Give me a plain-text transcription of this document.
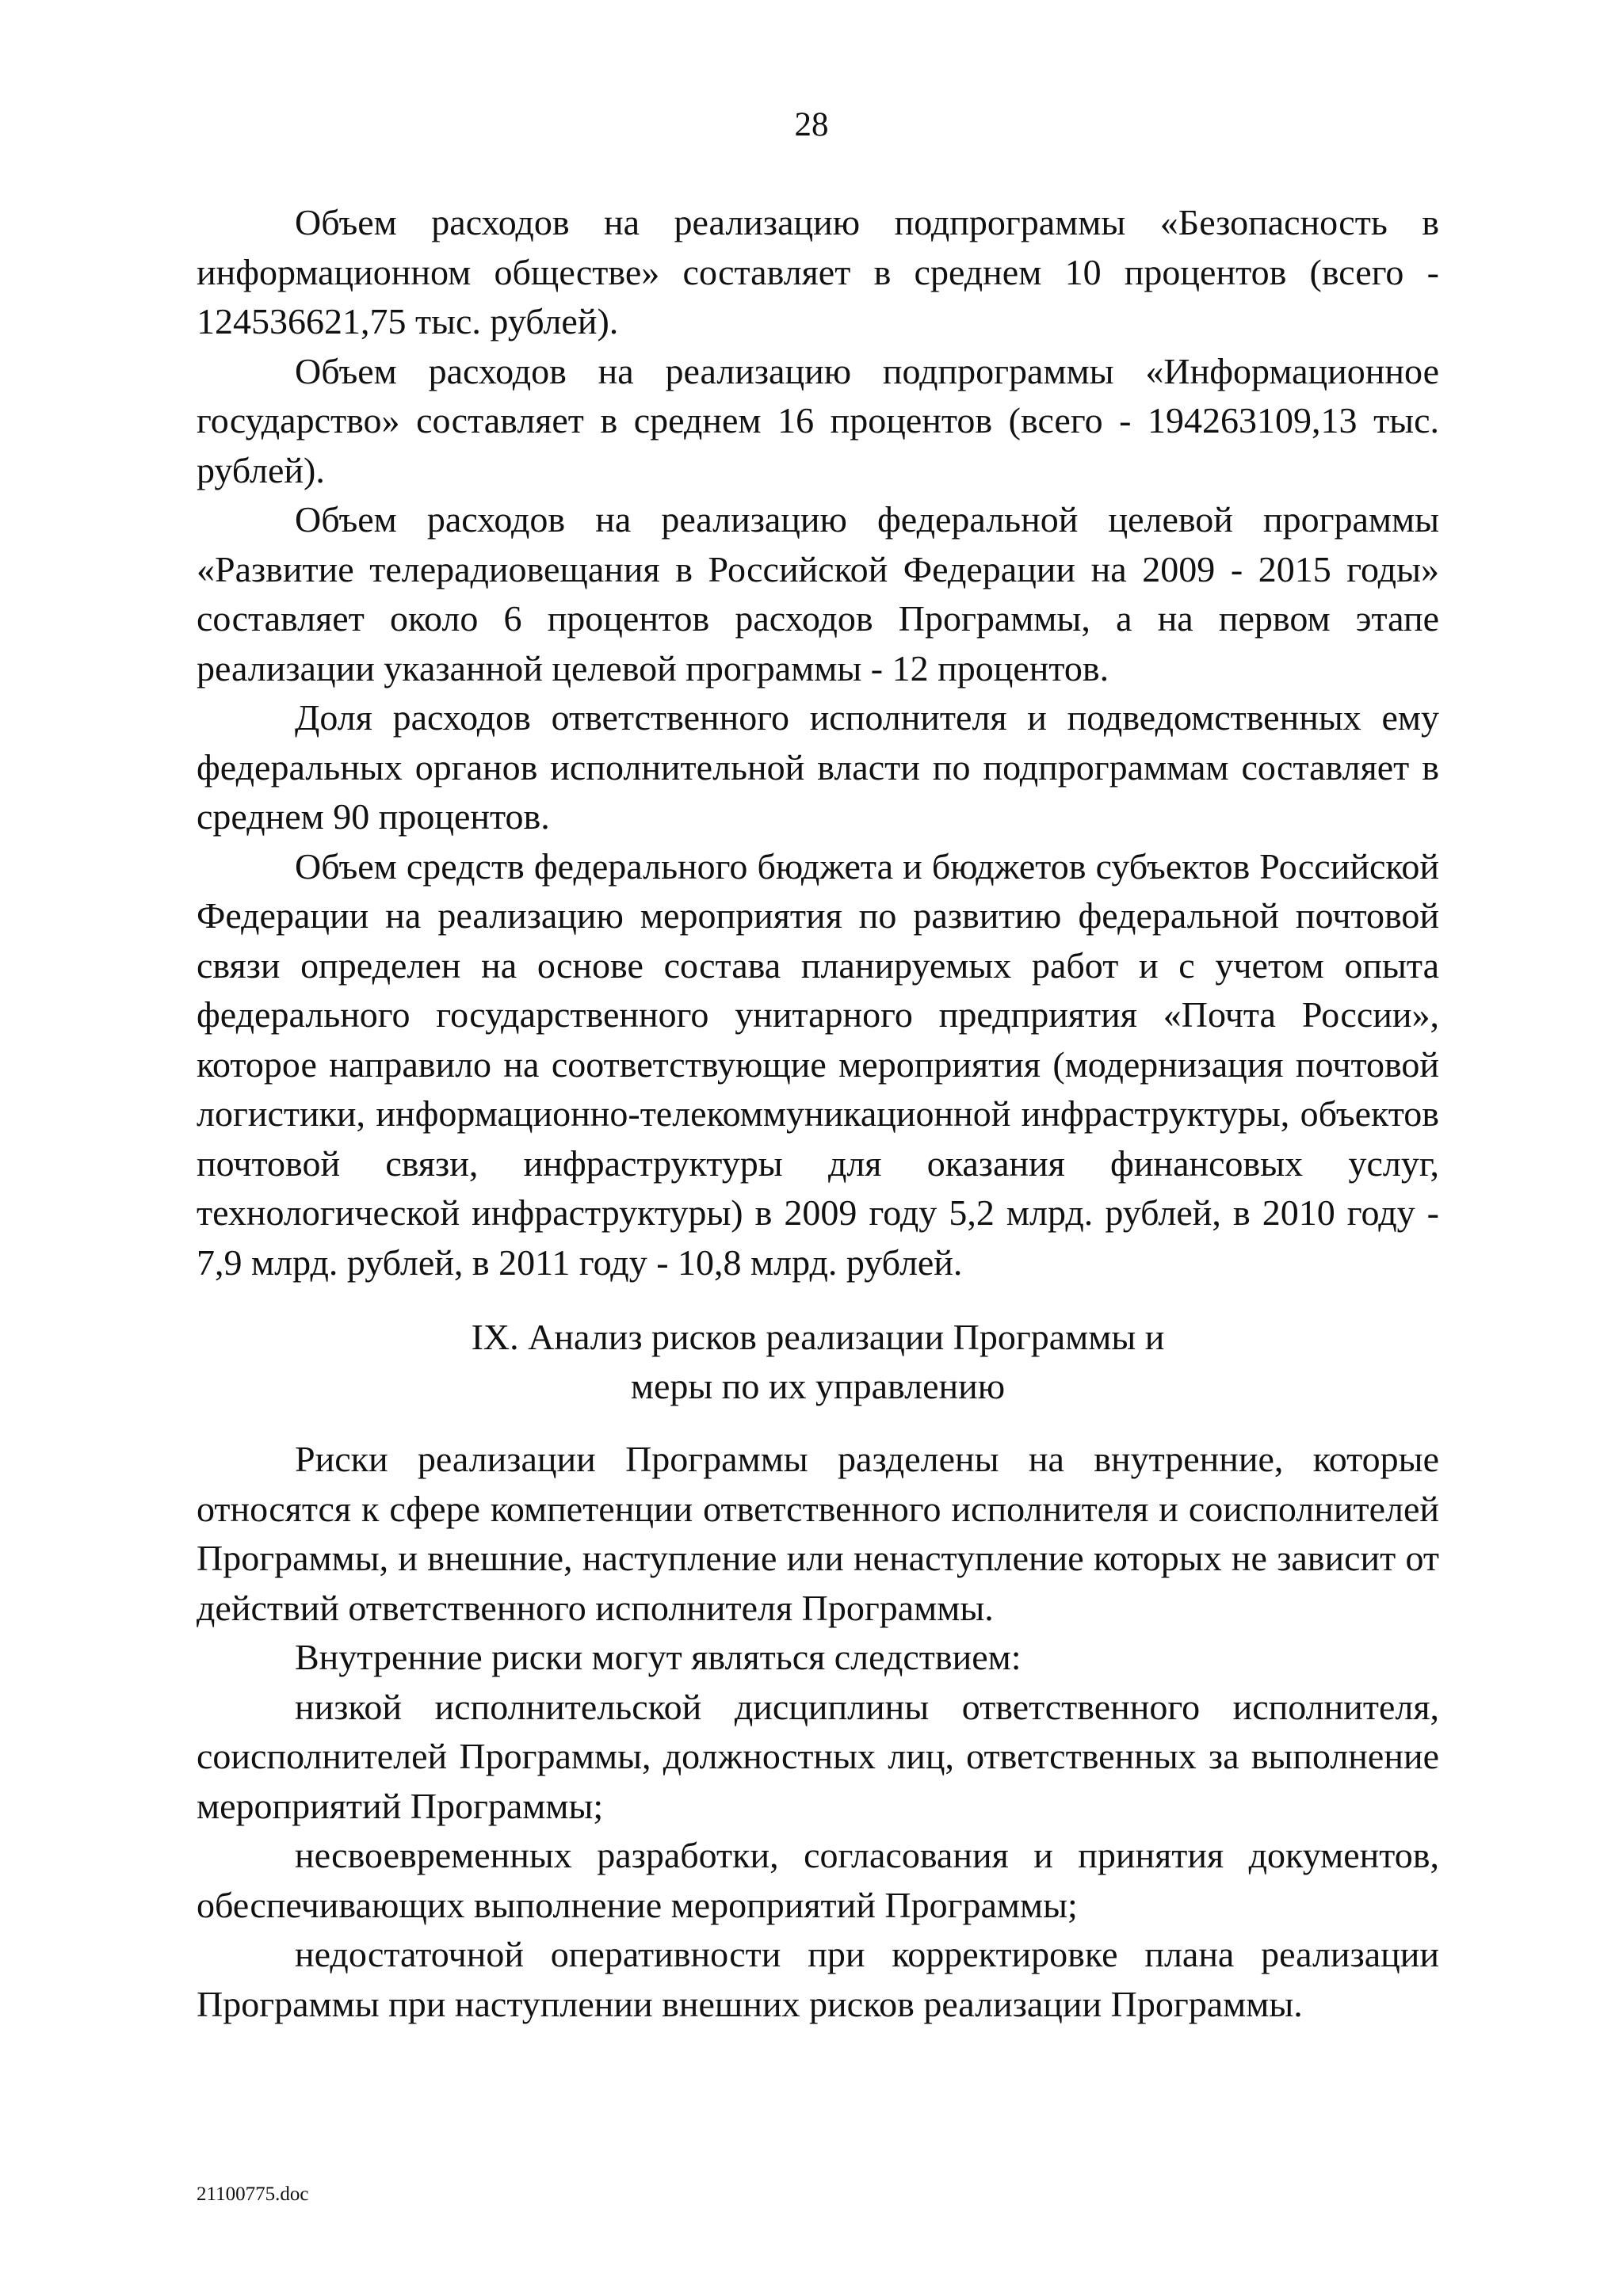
28

Объем расходов на реализацию подпрограммы «Безопасность в информационном обществе» составляет в среднем 10 процентов (всего - 124536621,75 тыс. рублей).

Объем расходов на реализацию подпрограммы «Информационное государство» составляет в среднем 16 процентов (всего - 194263109,13 тыс. рублей).

Объем расходов на реализацию федеральной целевой программы «Развитие телерадиовещания в Российской Федерации на 2009 - 2015 годы» составляет около 6 процентов расходов Программы, а на первом этапе реализации указанной целевой программы - 12 процентов.

Доля расходов ответственного исполнителя и подведомственных ему федеральных органов исполнительной власти по подпрограммам составляет в среднем 90 процентов.

Объем средств федерального бюджета и бюджетов субъектов Российской Федерации на реализацию мероприятия по развитию федеральной почтовой связи определен на основе состава планируемых работ и с учетом опыта федерального государственного унитарного предприятия «Почта России», которое направило на соответствующие мероприятия (модернизация почтовой логистики, информационно-телекоммуникационной инфраструктуры, объектов почтовой связи, инфраструктуры для оказания финансовых услуг, технологической инфраструктуры) в 2009 году 5,2 млрд. рублей, в 2010 году - 7,9 млрд. рублей, в 2011 году - 10,8 млрд. рублей.

IX. Анализ рисков реализации Программы и
меры по их управлению

Риски реализации Программы разделены на внутренние, которые относятся к сфере компетенции ответственного исполнителя и соисполнителей Программы, и внешние, наступление или ненаступление которых не зависит от действий ответственного исполнителя Программы.

Внутренние риски могут являться следствием:

низкой исполнительской дисциплины ответственного исполнителя, соисполнителей Программы, должностных лиц, ответственных за выполнение мероприятий Программы;

несвоевременных разработки, согласования и принятия документов, обеспечивающих выполнение мероприятий Программы;

недостаточной оперативности при корректировке плана реализации Программы при наступлении внешних рисков реализации Программы.

21100775.doc
